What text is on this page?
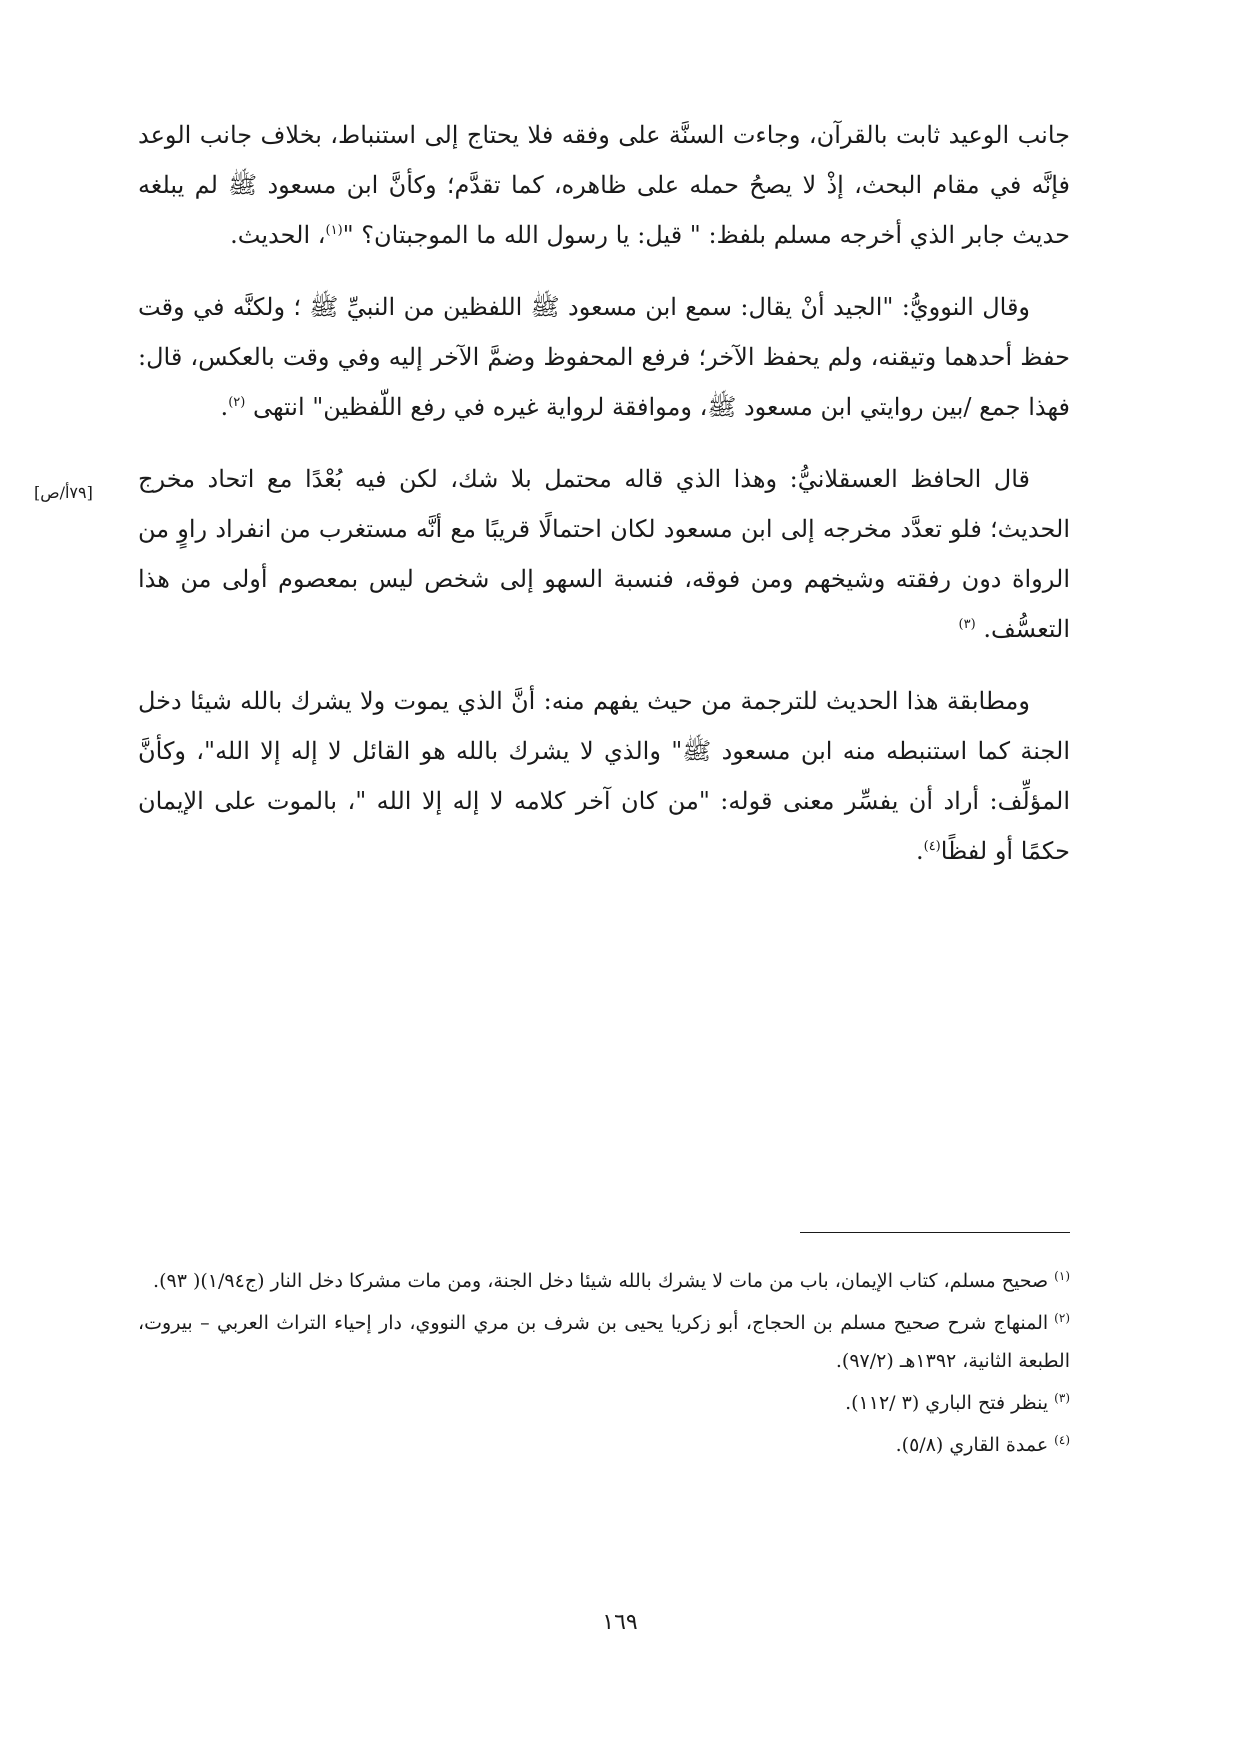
جانب الوعيد ثابت بالقرآن، وجاءت السنَّة على وفقه فلا يحتاج إلى استنباط، بخلاف جانب الوعد فإنَّه في مقام البحث، إذْ لا يصحُ حمله على ظاهره، كما تقدَّم؛ وكأنَّ ابن مسعود ﷺ لم يبلغه حديث جابر الذي أخرجه مسلم بلفظ: " قيل: يا رسول الله ما الموجبتان؟ "$^{(١)}$، الحديث.

وقال النوويُّ: "الجيد أنْ يقال: سمع ابن مسعود ﷺ اللفظين من النبيِّ ﷺ ؛ ولكنَّه في وقت حفظ أحدهما وتيقنه، ولم يحفظ الآخر؛ فرفع المحفوظ وضمَّ الآخر إليه وفي وقت بالعكس، قال: فهذا جمع /بين روايتي ابن مسعود ﷺ، وموافقة لرواية غيره في رفع اللّفظين" انتهى $^{(٢)}$.

قال الحافظ العسقلانيُّ: وهذا الذي قاله محتمل بلا شك، لكن فيه بُعْدًا مع اتحاد مخرج الحديث؛ فلو تعدَّد مخرجه إلى ابن مسعود لكان احتمالًا قريبًا مع أنَّه مستغرب من انفراد راوٍ من الرواة دون رفقته وشيخهم ومن فوقه، فنسبة السهو إلى شخص ليس بمعصوم أولى من هذا التعسُّف. $^{(٣)}$

ومطابقة هذا الحديث للترجمة من حيث يفهم منه: أنَّ الذي يموت ولا يشرك بالله شيئا دخل الجنة كما استنبطه منه ابن مسعود ﷺ" والذي لا يشرك بالله هو القائل لا إله إلا الله"، وكأنَّ المؤلِّف: أراد أن يفسِّر معنى قوله: "من كان آخر كلامه لا إله إلا الله "، بالموت على الإيمان حكمًا أو لفظًا$^{(٤)}$.

[٧٩أ/ص]
$^{(١)}$صحيح مسلم، كتاب الإيمان، باب من مات لا يشرك بالله شيئا دخل الجنة، ومن مات مشركا دخل النار (ج١/٩٤)( ٩٣).
$^{(٢)}$المنهاج شرح صحيح مسلم بن الحجاج، أبو زكريا يحيى بن شرف بن مري النووي، دار إحياء التراث العربي – بيروت، الطبعة الثانية، ١٣٩٢هـ (٩٧/٢).
$^{(٣)}$ينظر فتح الباري (٣ /١١٢).
$^{(٤)}$عمدة القاري (٥/٨).
١٦٩
